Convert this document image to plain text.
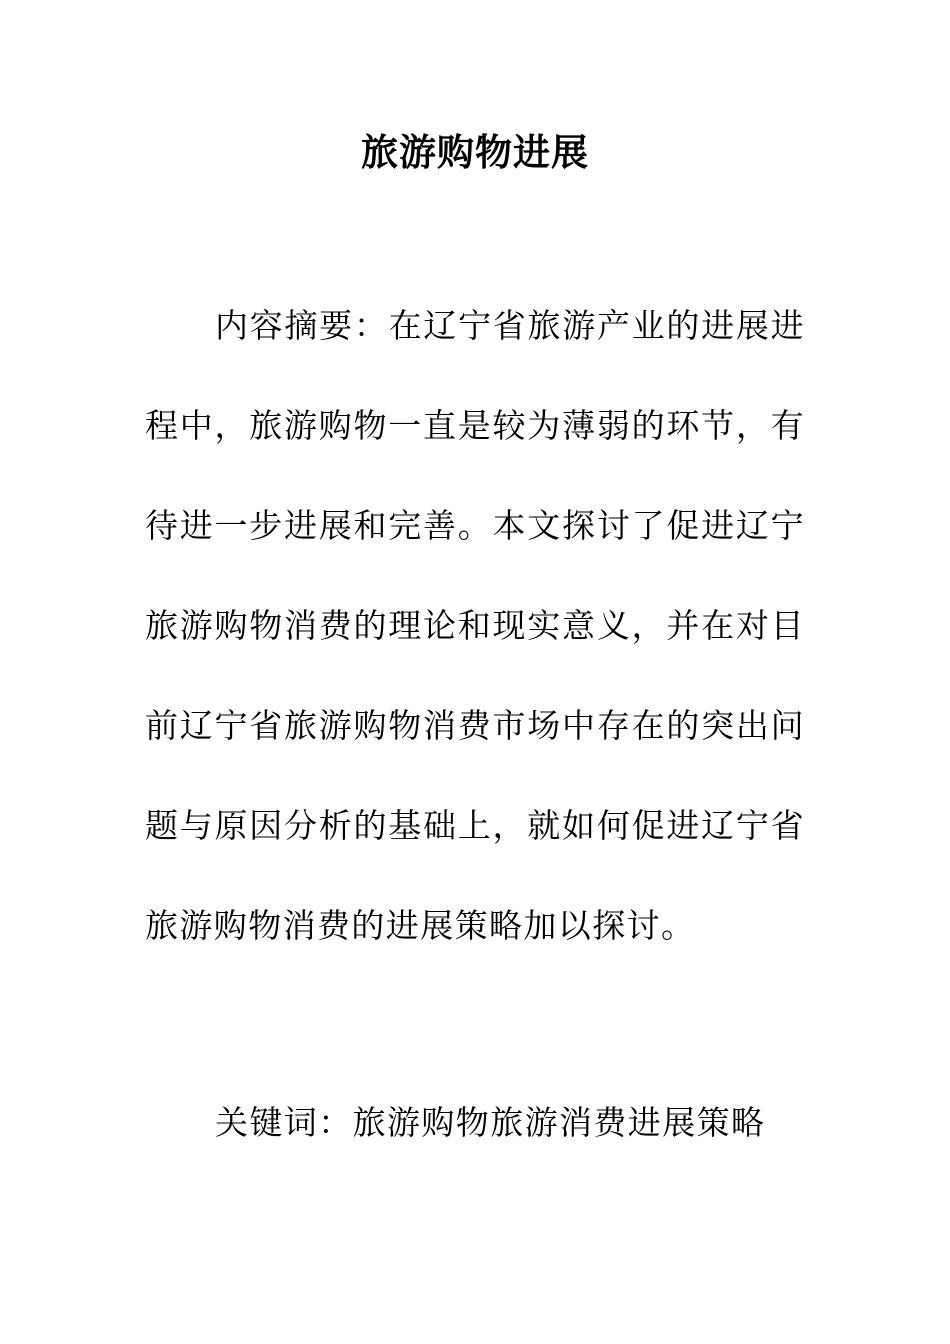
旅游购物进展
内容摘要：在辽宁省旅游产业的进展进程中，旅游购物一直是较为薄弱的环节，有待进一步进展和完善。本文探讨了促进辽宁旅游购物消费的理论和现实意义，并在对目前辽宁省旅游购物消费市场中存在的突出问题与原因分析的基础上，就如何促进辽宁省旅游购物消费的进展策略加以探讨。
关键词：旅游购物旅游消费进展策略
